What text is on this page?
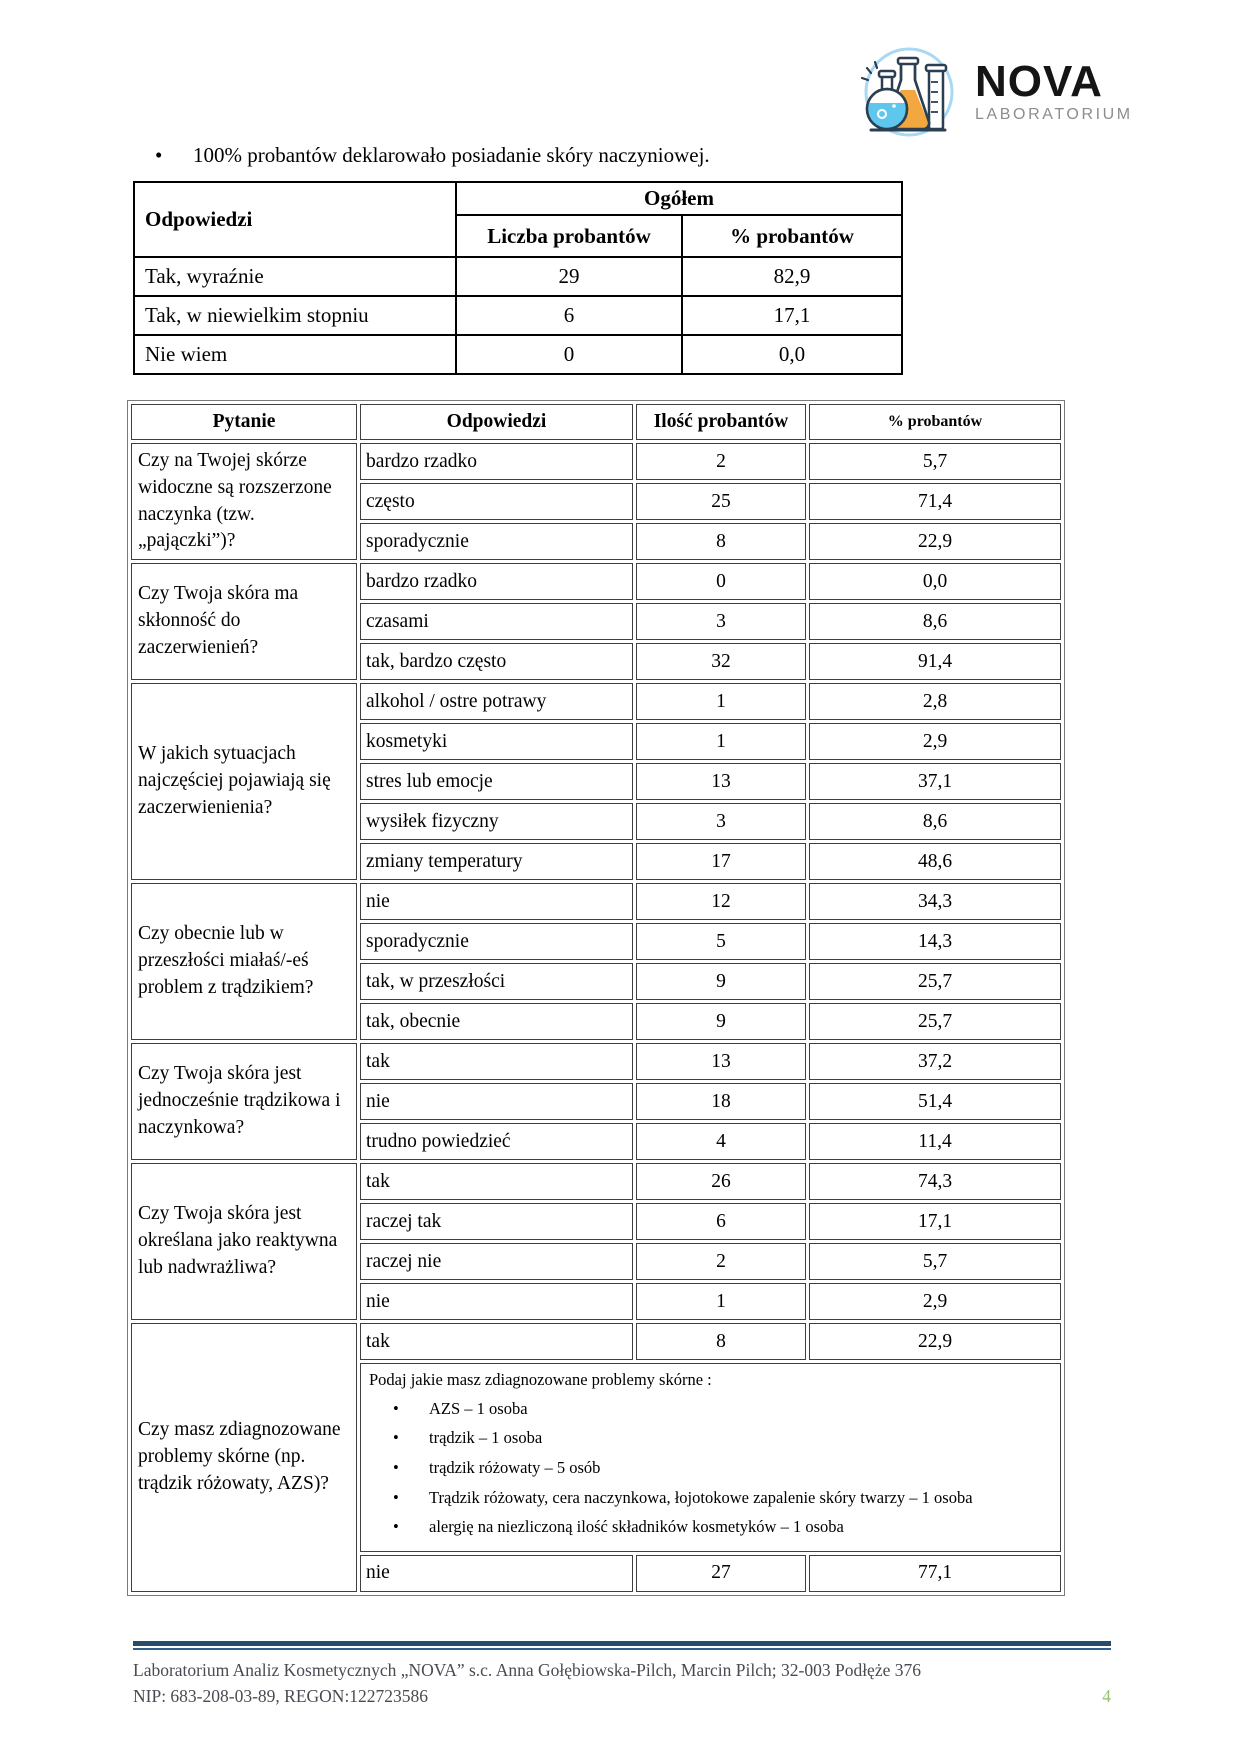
NOVA
LABORATORIUM
•	100% probantów deklarowało posiadanie skóry naczyniowej.
Odpowiedzi	Ogółem	
	Liczba probantów	% probantów
Tak, wyraźnie	29	82,9
Tak, w niewielkim stopniu	6	17,1
Nie wiem	0	0,0
Pytanie	Odpowiedzi	Ilość probantów	% probantów
Czy na Twojej skórze widoczne są rozszerzone naczynka (tzw. „pajączki”)?	bardzo rzadko	2	5,7
	często	25	71,4
	sporadycznie	8	22,9
Czy Twoja skóra ma skłonność do zaczerwienień?	bardzo rzadko	0	0,0
	czasami	3	8,6
	tak, bardzo często	32	91,4
W jakich sytuacjach najczęściej pojawiają się zaczerwienienia?	alkohol / ostre potrawy	1	2,8
	kosmetyki	1	2,9
	stres lub emocje	13	37,1
	wysiłek fizyczny	3	8,6
	zmiany temperatury	17	48,6
Czy obecnie lub w przeszłości miałaś/-eś problem z trądzikiem?	nie	12	34,3
	sporadycznie	5	14,3
	tak, w przeszłości	9	25,7
	tak, obecnie	9	25,7
Czy Twoja skóra jest jednocześnie trądzikowa i naczynkowa?	tak	13	37,2
	nie	18	51,4
	trudno powiedzieć	4	11,4
Czy Twoja skóra jest określana jako reaktywna lub nadwrażliwa?	tak	26	74,3
	raczej tak	6	17,1
	raczej nie	2	5,7
	nie	1	2,9
Czy masz zdiagnozowane problemy skórne (np. trądzik różowaty, AZS)?	tak	8	22,9

Podaj jakie masz zdiagnozowane problemy skórne :
• AZS – 1 osoba
• trądzik – 1 osoba
• trądzik różowaty – 5 osób
• Trądzik różowaty, cera naczynkowa, łojotokowe zapalenie skóry twarzy – 1 osoba
• alergię na niezliczoną ilość składników kosmetyków – 1 osoba

	nie	27	77,1
Laboratorium Analiz Kosmetycznych „NOVA” s.c. Anna Gołębiowska-Pilch, Marcin Pilch; 32-003 Podłęże 376
NIP: 683-208-03-89, REGON:122723586	4
